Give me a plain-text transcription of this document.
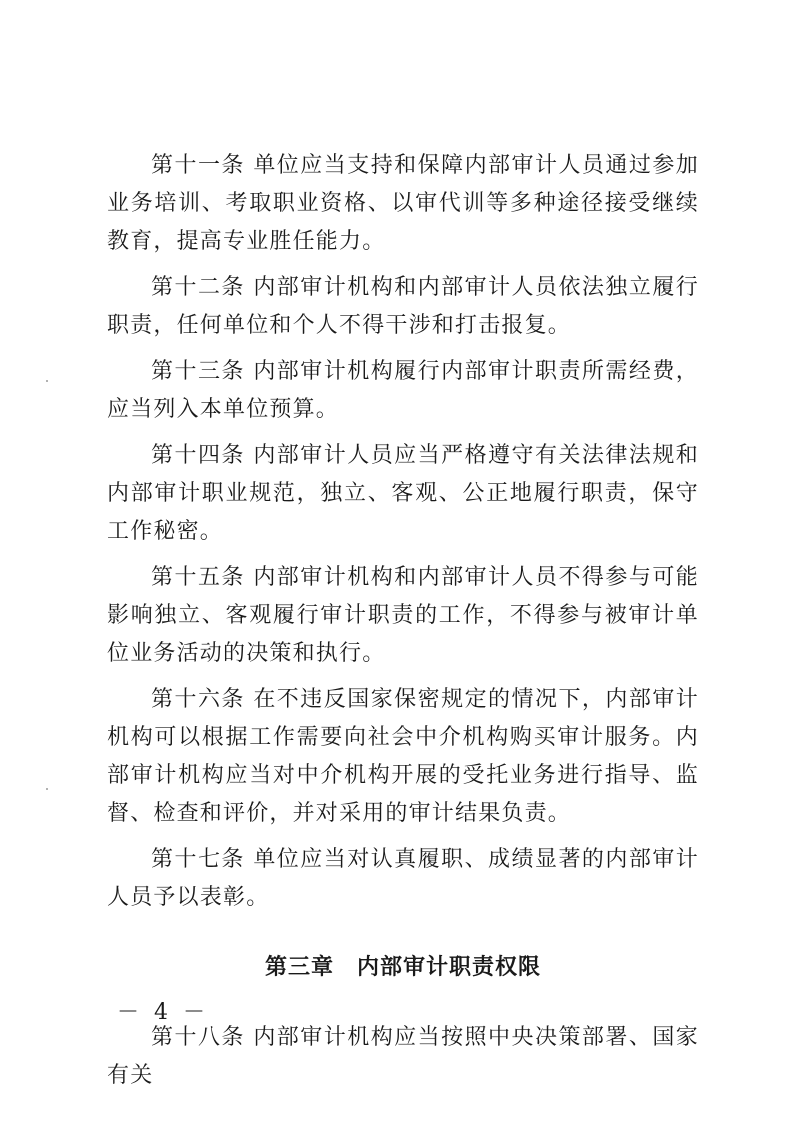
第十一条 单位应当支持和保障内部审计人员通过参加业务培训、考取职业资格、以审代训等多种途径接受继续教育，提高专业胜任能力。

第十二条 内部审计机构和内部审计人员依法独立履行职责，任何单位和个人不得干涉和打击报复。

第十三条 内部审计机构履行内部审计职责所需经费，应当列入本单位预算。

第十四条 内部审计人员应当严格遵守有关法律法规和内部审计职业规范，独立、客观、公正地履行职责，保守工作秘密。

第十五条 内部审计机构和内部审计人员不得参与可能影响独立、客观履行审计职责的工作，不得参与被审计单位业务活动的决策和执行。

第十六条 在不违反国家保密规定的情况下，内部审计机构可以根据工作需要向社会中介机构购买审计服务。内部审计机构应当对中介机构开展的受托业务进行指导、监督、检查和评价，并对采用的审计结果负责。

第十七条 单位应当对认真履职、成绩显著的内部审计人员予以表彰。

第三章　内部审计职责权限

第十八条 内部审计机构应当按照中央决策部署、国家有关

－ 4 －
